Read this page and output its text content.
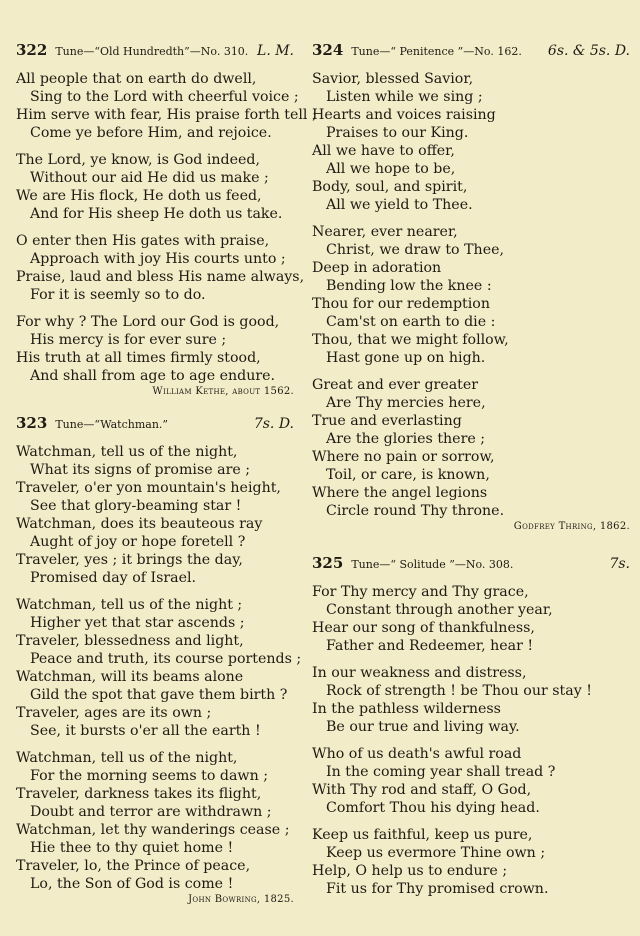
322 Tune—“Old Hundredth”—No. 310. L. M.
All people that on earth do dwell,
Sing to the Lord with cheerful voice ;
Him serve with fear, His praise forth tell ;
Come ye before Him, and rejoice.
The Lord, ye know, is God indeed,
Without our aid He did us make ;
We are His flock, He doth us feed,
And for His sheep He doth us take.
O enter then His gates with praise,
Approach with joy His courts unto ;
Praise, laud and bless His name always,
For it is seemly so to do.
For why ? The Lord our God is good,
His mercy is for ever sure ;
His truth at all times firmly stood,
And shall from age to age endure.
William Kethe, about 1562.
323 Tune—“Watchman.”	7s. D.
Watchman, tell us of the night,
What its signs of promise are ;
Traveler, o'er yon mountain's height,
See that glory-beaming star !
Watchman, does its beauteous ray
Aught of joy or hope foretell ?
Traveler, yes ; it brings the day,
Promised day of Israel.
Watchman, tell us of the night ;
Higher yet that star ascends ;
Traveler, blessedness and light,
Peace and truth, its course portends ;
Watchman, will its beams alone
Gild the spot that gave them birth ?
Traveler, ages are its own ;
See, it bursts o'er all the earth !
Watchman, tell us of the night,
For the morning seems to dawn ;
Traveler, darkness takes its flight,
Doubt and terror are withdrawn ;
Watchman, let thy wanderings cease ;
Hie thee to thy quiet home !
Traveler, lo, the Prince of peace,
Lo, the Son of God is come !
John Bowring, 1825.
324 Tune—“ Penitence ”—No. 162.	6s. & 5s. D.
Savior, blessed Savior,
Listen while we sing ;
Hearts and voices raising
Praises to our King.
All we have to offer,
All we hope to be,
Body, soul, and spirit,
All we yield to Thee.
Nearer, ever nearer,
Christ, we draw to Thee,
Deep in adoration
Bending low the knee :
Thou for our redemption
Cam'st on earth to die :
Thou, that we might follow,
Hast gone up on high.
Great and ever greater
Are Thy mercies here,
True and everlasting
Are the glories there ;
Where no pain or sorrow,
Toil, or care, is known,
Where the angel legions
Circle round Thy throne.
Godfrey Thring, 1862.
325 Tune—“ Solitude ”—No. 308.	7s.
For Thy mercy and Thy grace,
Constant through another year,
Hear our song of thankfulness,
Father and Redeemer, hear !
In our weakness and distress,
Rock of strength ! be Thou our stay !
In the pathless wilderness
Be our true and living way.
Who of us death's awful road
In the coming year shall tread ?
With Thy rod and staff, O God,
Comfort Thou his dying head.
Keep us faithful, keep us pure,
Keep us evermore Thine own ;
Help, O help us to endure ;
Fit us for Thy promised crown.
